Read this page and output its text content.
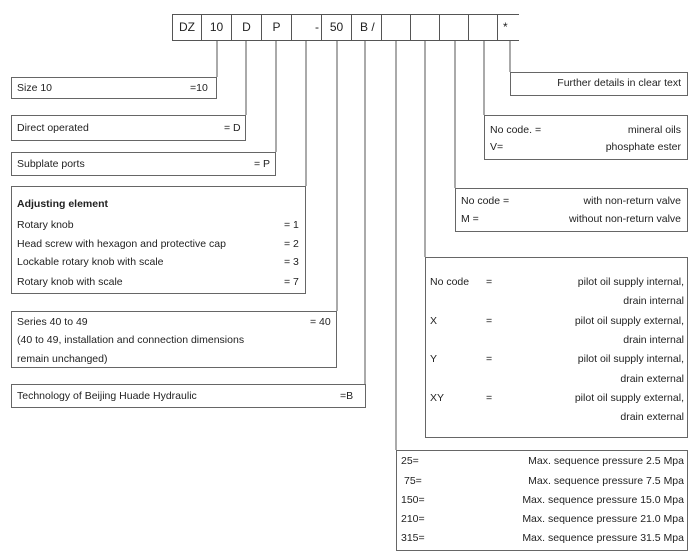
DZ	10	D	P	- 50	B /	*
Further details in clear text
Size 10	=10
Direct operated	= D
Subplate ports	= P
Adjusting element
Rotary knob	= 1
Head screw with hexagon and protective cap	= 2
Lockable rotary knob with scale	= 3
Rotary knob with scale	= 7
Series 40 to 49	= 40
(40 to 49, installation and connection dimensions
remain unchanged)
Technology of Beijing Huade Hydraulic	=B
No code. =	mineral oils
V=	phosphate ester
No code =	with non-return valve
M =	without non-return valve
No code =	pilot oil supply internal,
drain internal
X	=	pilot oil supply external,
drain internal
Y	=	pilot oil supply internal,
drain external
XY	=	pilot oil supply external,
drain external
25=	Max. sequence pressure 2.5 Mpa
75=	Max. sequence pressure 7.5 Mpa
150=	Max. sequence pressure 15.0 Mpa
210=	Max. sequence pressure 21.0 Mpa
315=	Max. sequence pressure 31.5 Mpa
